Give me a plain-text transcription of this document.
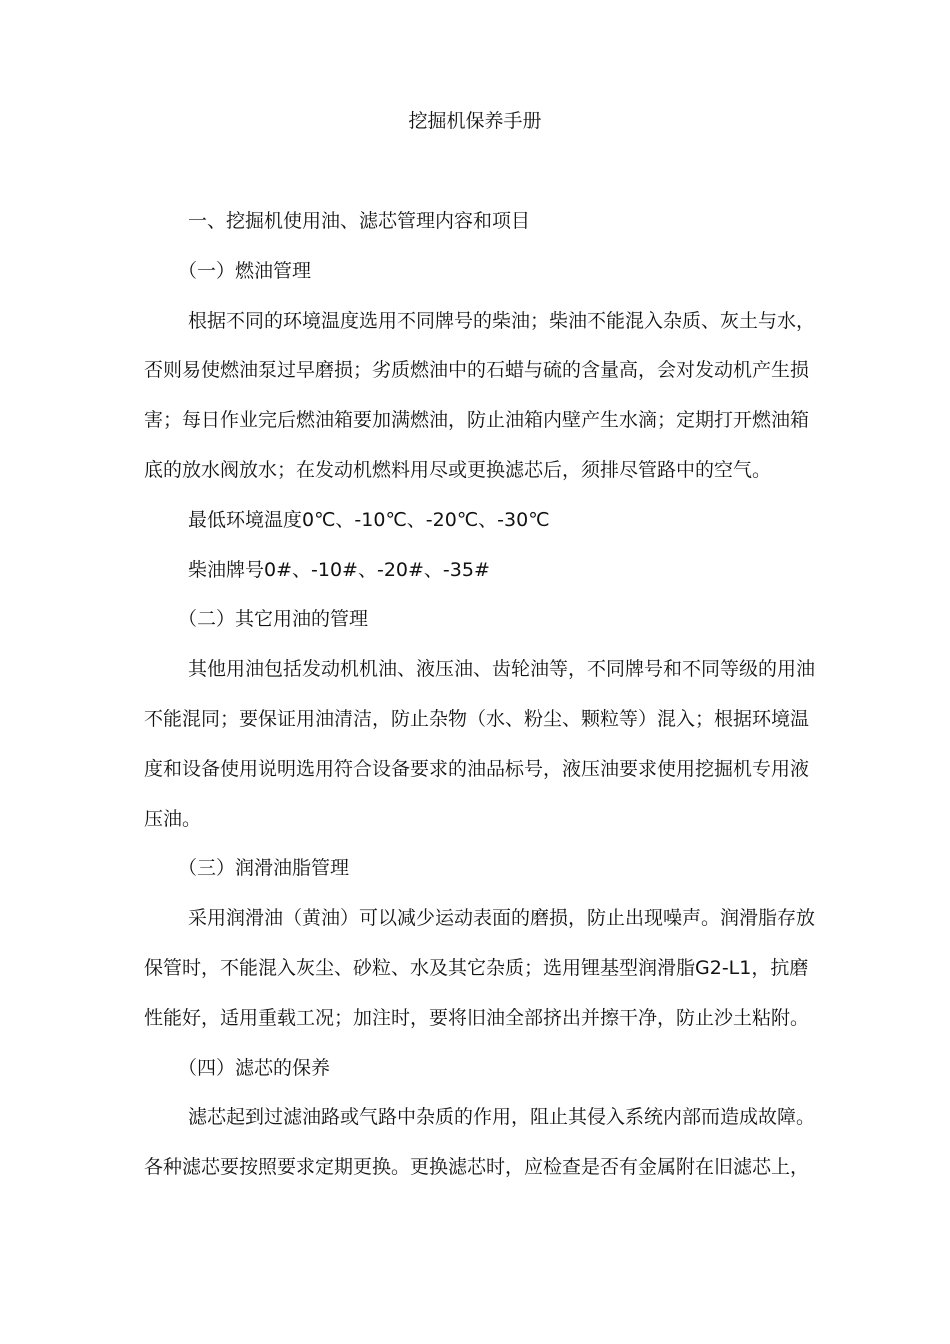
挖掘机保养手册

一、挖掘机使用油、滤芯管理内容和项目

（一）燃油管理

根据不同的环境温度选用不同牌号的柴油；柴油不能混入杂质、灰土与水，

否则易使燃油泵过早磨损；劣质燃油中的石蜡与硫的含量高，会对发动机产生损

害；每日作业完后燃油箱要加满燃油，防止油箱内壁产生水滴；定期打开燃油箱

底的放水阀放水；在发动机燃料用尽或更换滤芯后，须排尽管路中的空气。

最低环境温度0℃、-10℃、-20℃、-30℃

柴油牌号0#、-10#、-20#、-35#

（二）其它用油的管理

其他用油包括发动机机油、液压油、齿轮油等，不同牌号和不同等级的用油

不能混同；要保证用油清洁，防止杂物（水、粉尘、颗粒等）混入；根据环境温

度和设备使用说明选用符合设备要求的油品标号，液压油要求使用挖掘机专用液

压油。

（三）润滑油脂管理

采用润滑油（黄油）可以减少运动表面的磨损，防止出现噪声。润滑脂存放

保管时，不能混入灰尘、砂粒、水及其它杂质；选用锂基型润滑脂G2-L1，抗磨

性能好，适用重载工况；加注时，要将旧油全部挤出并擦干净，防止沙土粘附。

（四）滤芯的保养

滤芯起到过滤油路或气路中杂质的作用，阻止其侵入系统内部而造成故障。

各种滤芯要按照要求定期更换。更换滤芯时，应检查是否有金属附在旧滤芯上，
